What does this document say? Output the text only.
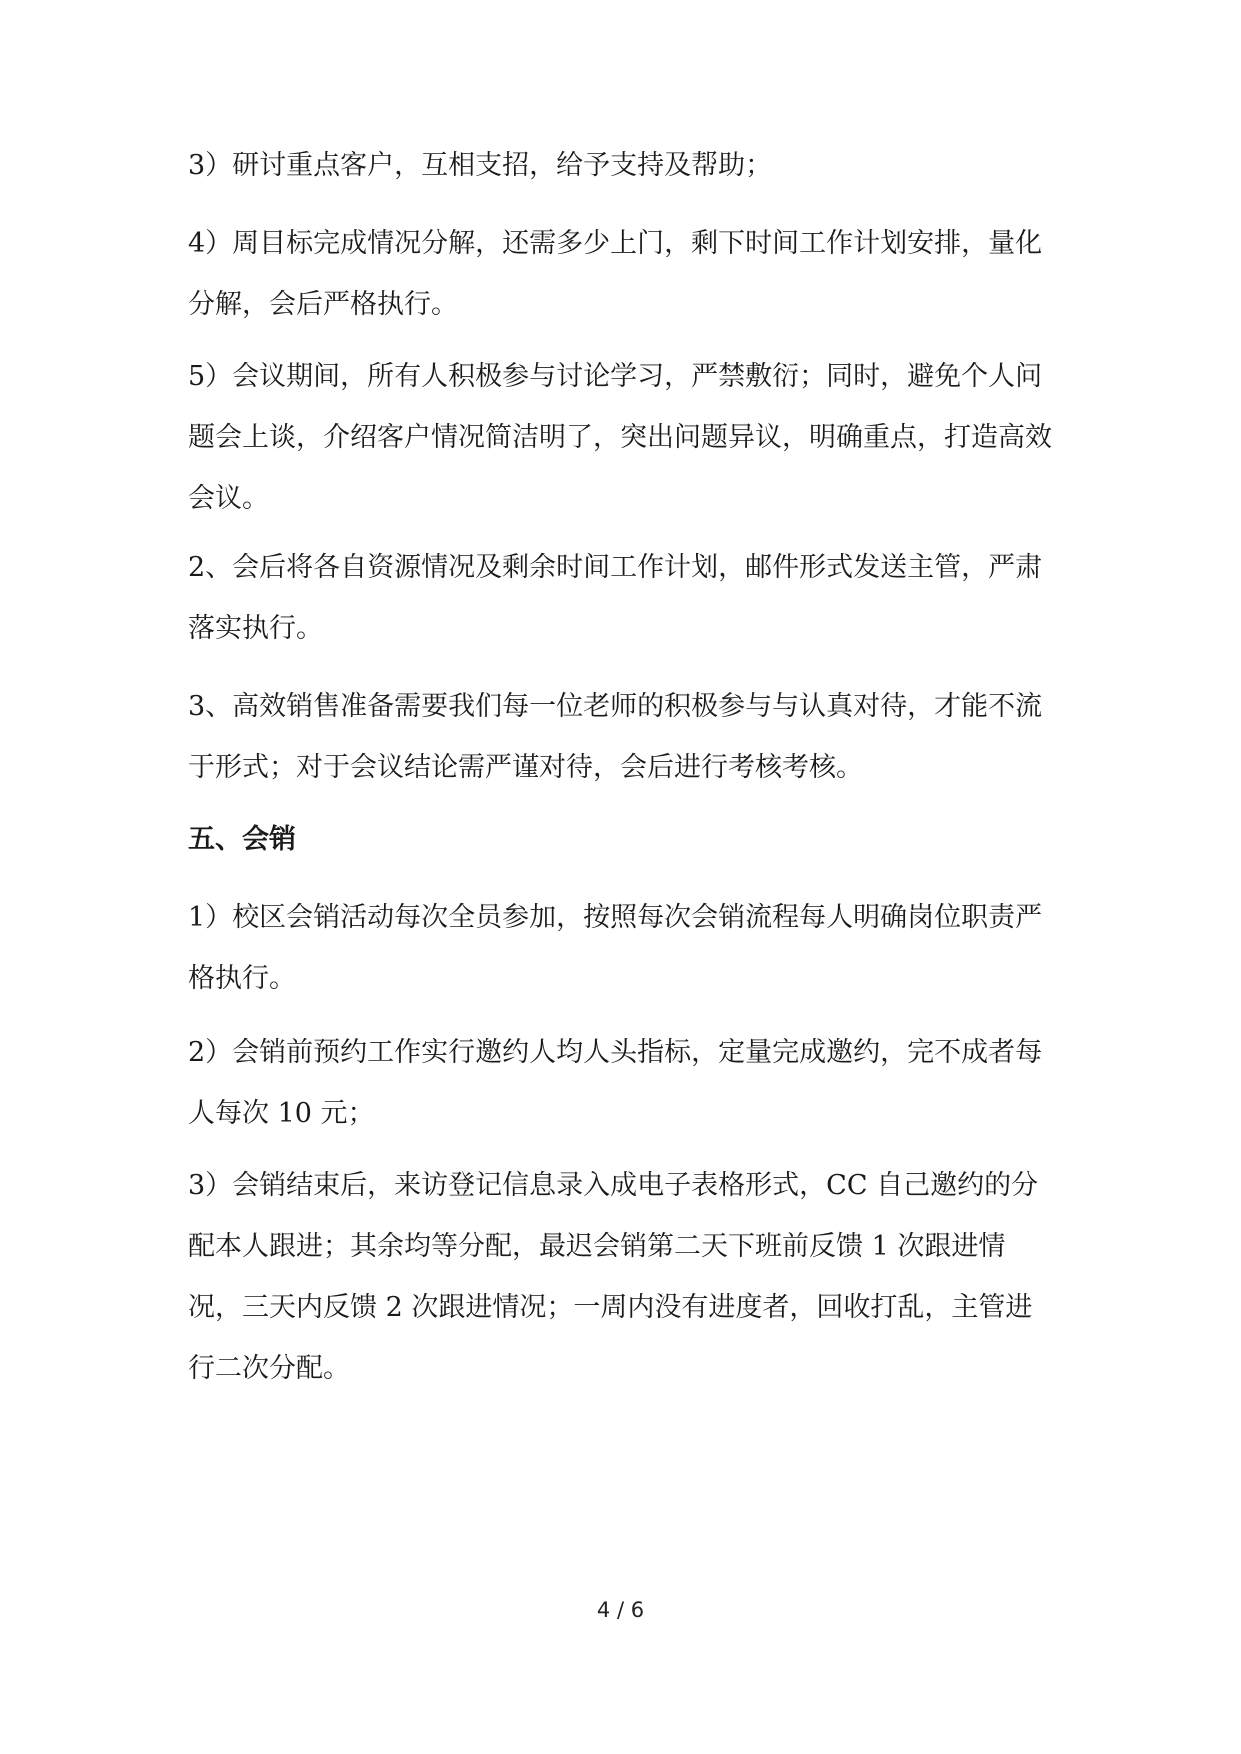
3）研讨重点客户，互相支招，给予支持及帮助；

4）周目标完成情况分解，还需多少上门，剩下时间工作计划安排，量化分解，会后严格执行。

5）会议期间，所有人积极参与讨论学习，严禁敷衍；同时，避免个人问题会上谈，介绍客户情况简洁明了，突出问题异议，明确重点，打造高效会议。

2、会后将各自资源情况及剩余时间工作计划，邮件形式发送主管，严肃落实执行。

3、高效销售准备需要我们每一位老师的积极参与与认真对待，才能不流于形式；对于会议结论需严谨对待，会后进行考核考核。

五、会销

1）校区会销活动每次全员参加，按照每次会销流程每人明确岗位职责严格执行。

2）会销前预约工作实行邀约人均人头指标，定量完成邀约，完不成者每人每次 10 元；

3）会销结束后，来访登记信息录入成电子表格形式，CC 自己邀约的分配本人跟进；其余均等分配，最迟会销第二天下班前反馈 1 次跟进情况，三天内反馈 2 次跟进情况；一周内没有进度者，回收打乱，主管进行二次分配。

4 / 6
